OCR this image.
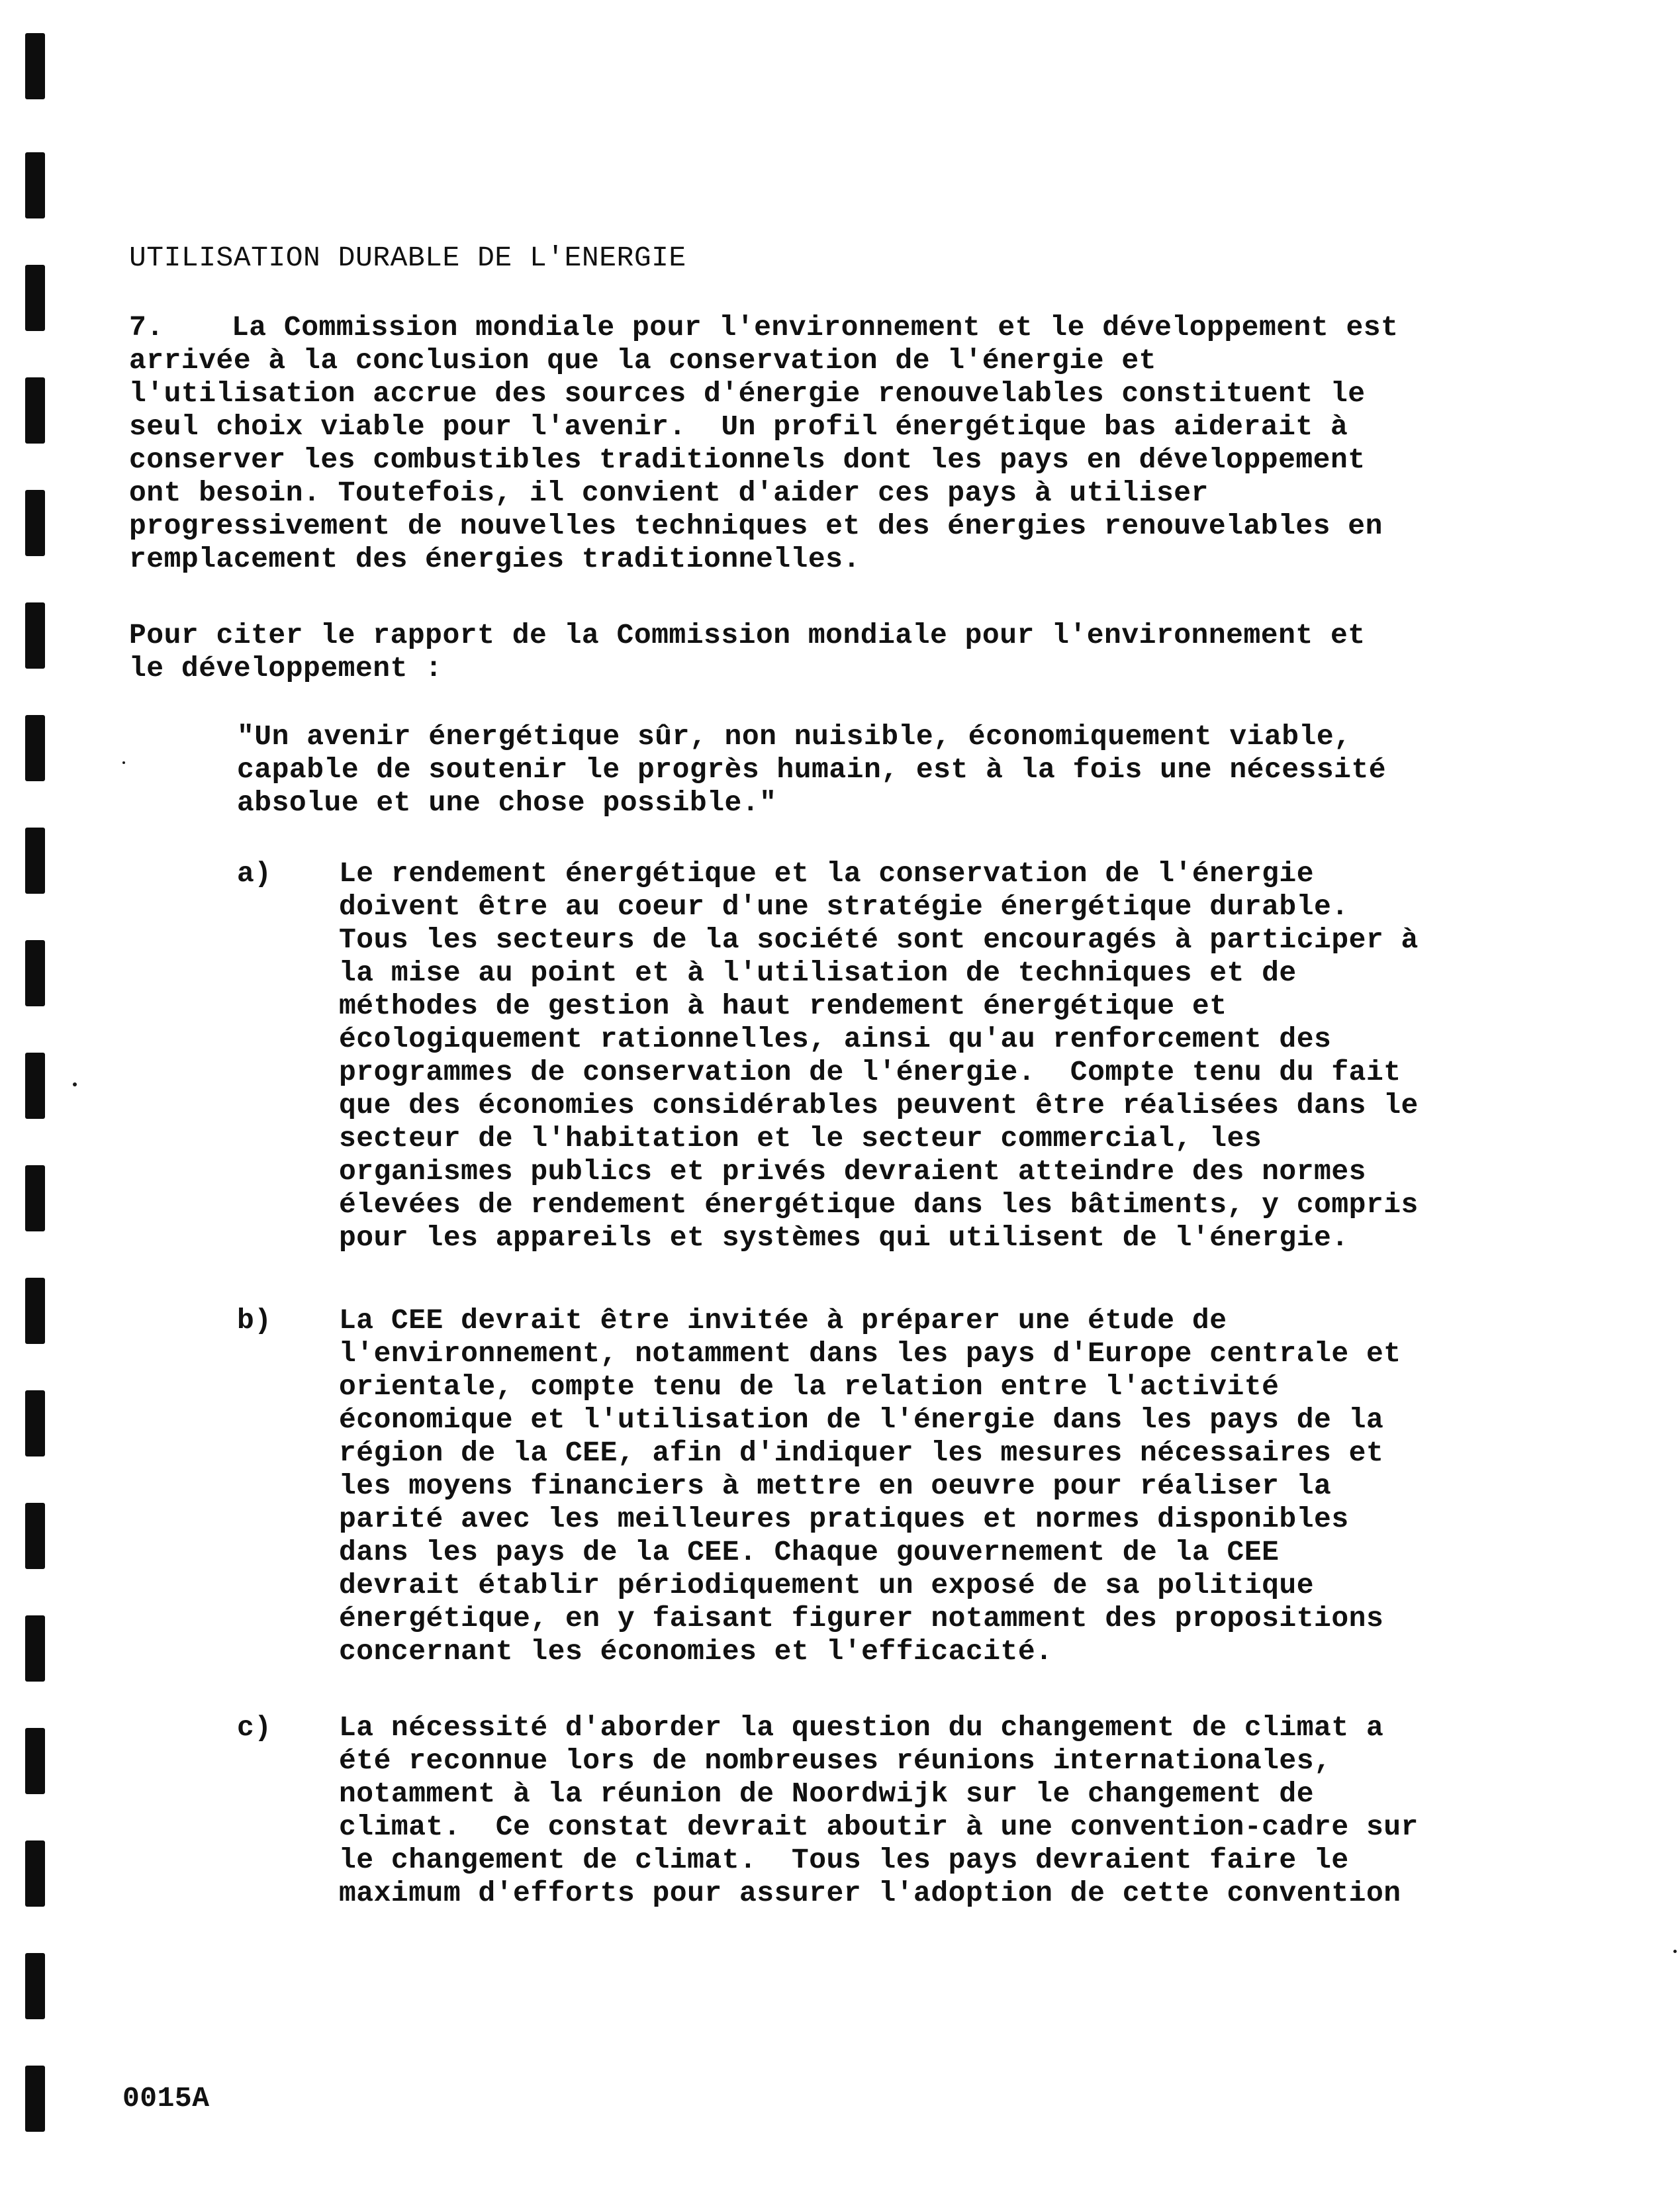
UTILISATION DURABLE DE L'ENERGIE
7. La Commission mondiale pour l'environnement et le développement est
arrivée à la conclusion que la conservation de l'énergie et
l'utilisation accrue des sources d'énergie renouvelables constituent le
seul choix viable pour l'avenir.  Un profil énergétique bas aiderait à
conserver les combustibles traditionnels dont les pays en développement
ont besoin. Toutefois, il convient d'aider ces pays à utiliser
progressivement de nouvelles techniques et des énergies renouvelables en
remplacement des énergies traditionnelles.
Pour citer le rapport de la Commission mondiale pour l'environnement et
le développement :
"Un avenir énergétique sûr, non nuisible, économiquement viable,
capable de soutenir le progrès humain, est à la fois une nécessité
absolue et une chose possible."
a) Le rendement énergétique et la conservation de l'énergie
doivent être au coeur d'une stratégie énergétique durable.
Tous les secteurs de la société sont encouragés à participer à
la mise au point et à l'utilisation de techniques et de
méthodes de gestion à haut rendement énergétique et
écologiquement rationnelles, ainsi qu'au renforcement des
programmes de conservation de l'énergie.  Compte tenu du fait
que des économies considérables peuvent être réalisées dans le
secteur de l'habitation et le secteur commercial, les
organismes publics et privés devraient atteindre des normes
élevées de rendement énergétique dans les bâtiments, y compris
pour les appareils et systèmes qui utilisent de l'énergie.
b) La CEE devrait être invitée à préparer une étude de
l'environnement, notamment dans les pays d'Europe centrale et
orientale, compte tenu de la relation entre l'activité
économique et l'utilisation de l'énergie dans les pays de la
région de la CEE, afin d'indiquer les mesures nécessaires et
les moyens financiers à mettre en oeuvre pour réaliser la
parité avec les meilleures pratiques et normes disponibles
dans les pays de la CEE. Chaque gouvernement de la CEE
devrait établir périodiquement un exposé de sa politique
énergétique, en y faisant figurer notamment des propositions
concernant les économies et l'efficacité.
c) La nécessité d'aborder la question du changement de climat a
été reconnue lors de nombreuses réunions internationales,
notamment à la réunion de Noordwijk sur le changement de
climat.  Ce constat devrait aboutir à une convention-cadre sur
le changement de climat.  Tous les pays devraient faire le
maximum d'efforts pour assurer l'adoption de cette convention
0015A
